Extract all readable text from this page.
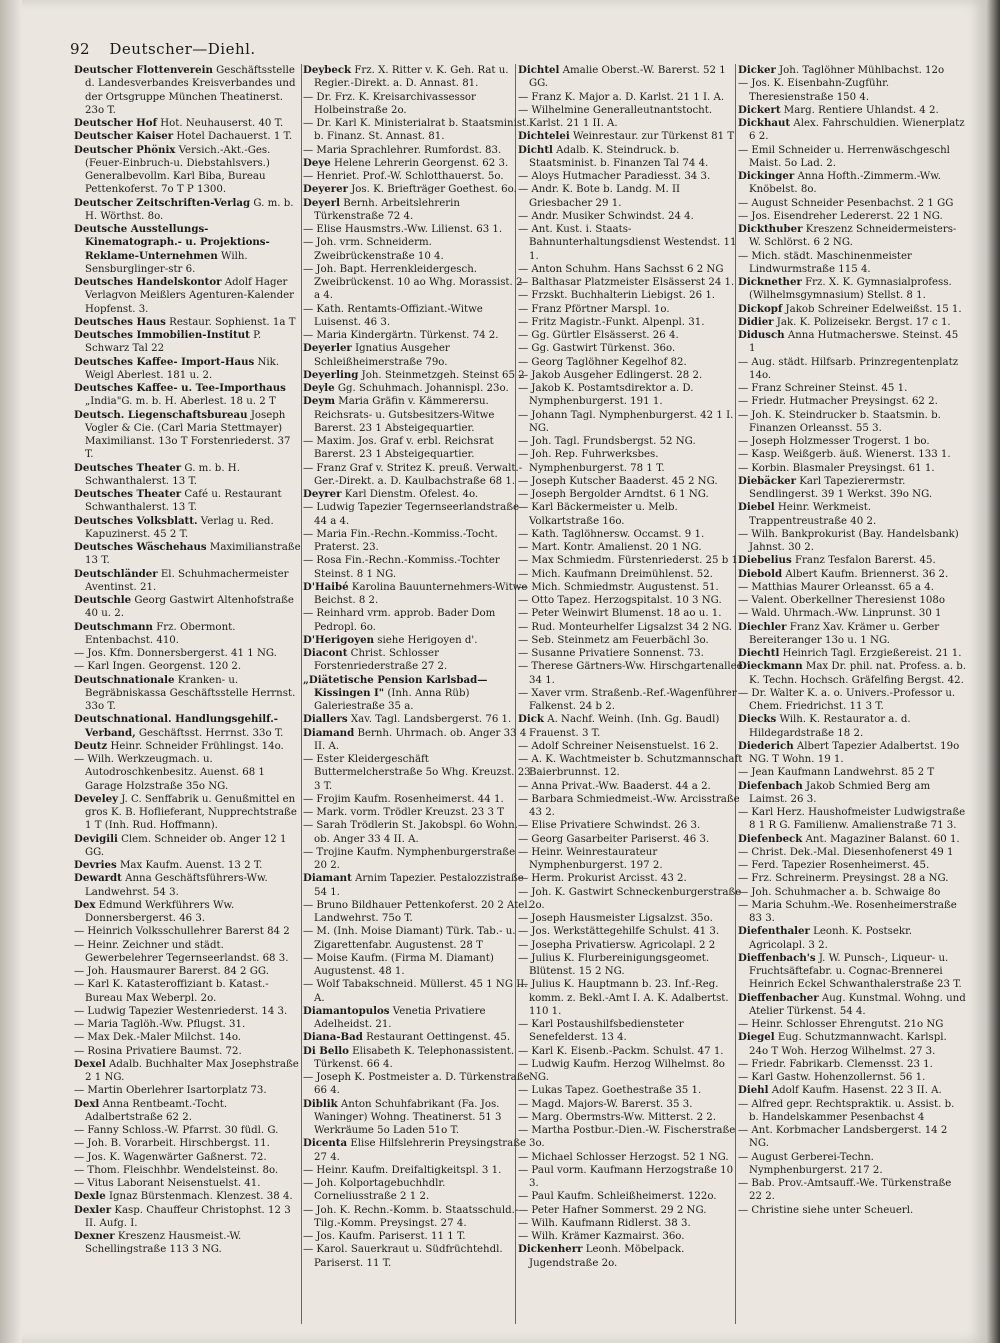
92 Deutscher—Diehl.

Deutscher Flottenverein Geschäftsstelle d. Landesverbandes Kreisverbandes und der Ortsgruppe München Theatinerst. 23o T.

Deutscher Hof Hot. Neuhauserst. 40 T.

Deutscher Kaiser Hotel Dachauerst. 1 T.

Deutscher Phönix Versich.-Akt.-Ges. (Feuer-Einbruch-u. Diebstahlsvers.) Generalbevollm. Karl Biba, Bureau Pettenkoferst. 7o T P 1300.

Deutscher Zeitschriften-Verlag G. m. b. H. Wörthst. 8o.

Deutsche Ausstellungs- Kinematograph.- u. Projektions-Reklame-Unternehmen Wilh. Sensburglinger-str 6.

Deutsches Handelskontor Adolf Hager Verlagvon Meißlers Agenturen-Kalender Hopfenst. 3.

Deutsches Haus Restaur. Sophienst. 1a T

Deutsches Immobilien-Institut P. Schwarz Tal 22

Deutsches Kaffee- Import-Haus Nik. Weigl Aberlest. 181 u. 2.

Deutsches Kaffee- u. Tee-Importhaus „India"G. m. b. H. Aberlest. 18 u. 2 T

Deutsch. Liegenschaftsbureau Joseph Vogler & Cie. (Carl Maria Stettmayer) Maximilianst. 13o T Forstenriederst. 37 T.

Deutsches Theater G. m. b. H. Schwanthalerst. 13 T.

Deutsches Theater Café u. Restaurant Schwanthalerst. 13 T.

Deutsches Volksblatt. Verlag u. Red. Kapuzinerst. 45 2 T.

Deutsches Wäschehaus Maximilianstraße 13 T.

Deutschländer El. Schuhmachermeister Aventinst. 21.

Deutschle Georg Gastwirt Altenhofstraße 40 u. 2.

Deutschmann Frz. Obermont. Entenbachst. 410.

— Jos. Kfm. Donnersbergerst. 41 1 NG.

— Karl Ingen. Georgenst. 120 2.

Deutschnationale Kranken- u. Begräbniskassa Geschäftsstelle Herrnst. 33o T.

Deutschnational. Handlungsgehilf.- Verband, Geschäftsst. Herrnst. 33o T.

Deutz Heinr. Schneider Frühlingst. 14o.

— Wilh. Werkzeugmach. u. Autodroschkenbesitz. Auenst. 68 1 Garage Holzstraße 35o NG.

Develey J. C. Senffabrik u. Genußmittel en gros K. B. Hoflieferant, Nupprechtstraße 1 T (Inh. Rud. Hoffmann).

Devigili Clem. Schneider ob. Anger 12 1 GG.

Devries Max Kaufm. Auenst. 13 2 T.

Dewardt Anna Geschäftsführers-Ww. Landwehrst. 54 3.

Dex Edmund Werkführers Ww. Donnersbergerst. 46 3.

— Heinrich Volksschullehrer Barerst 84 2

— Heinr. Zeichner und städt. Gewerbelehrer Tegernseerlandst. 68 3.

— Joh. Hausmaurer Barerst. 84 2 GG.

— Karl K. Katasteroffiziant b. Katast.-Bureau Max Weberpl. 2o.

— Ludwig Tapezier Westenriederst. 14 3.

— Maria Taglöh.-Ww. Pflugst. 31.

— Max Dek.-Maler Milchst. 14o.

— Rosina Privatiere Baumst. 72.

Dexel Adalb. Buchhalter Max Josephstraße 2 1 NG.

— Martin Oberlehrer Isartorplatz 73.

Dexl Anna Rentbeamt.-Tocht. Adalbertstraße 62 2.

— Fanny Schloss.-W. Pfarrst. 30 füdl. G.

— Joh. B. Vorarbeit. Hirschbergst. 11.

— Jos. K. Wagenwärter Gaßnerst. 72.

— Thom. Fleischhbr. Wendelsteinst. 8o.

— Vitus Laborant Neisenstuelst. 41.

Dexle Ignaz Bürstenmach. Klenzest. 38 4.

Dexler Kasp. Chauffeur Christophst. 12 3 II. Aufg. I.

Dexner Kreszenz Hausmeist.-W. Schellingstraße 113 3 NG.

Deybeck Frz. X. Ritter v. K. Geh. Rat u. Regier.-Direkt. a. D. Annast. 81.

— Dr. Frz. K. Kreisarchivassessor Holbeinstraße 2o.

— Dr. Karl K. Ministerialrat b. Staatsminist. b. Finanz. St. Annast. 81.

— Maria Sprachlehrer. Rumfordst. 83.

Deye Helene Lehrerin Georgenst. 62 3.

— Henriet. Prof.-W. Schlotthauerst. 5o.

Deyerer Jos. K. Briefträger Goethest. 6o.

Deyerl Bernh. Arbeitslehrerin Türkenstraße 72 4.

— Elise Hausmstrs.-Ww. Lilienst. 63 1.

— Joh. vrm. Schneiderm. Zweibrückenstraße 10 4.

— Joh. Bapt. Herrenkleidergesch. Zweibrückenst. 10 ao Whg. Morassist. 2 a 4.

— Kath. Rentamts-Offiziant.-Witwe Luisenst. 46 3.

— Maria Kindergärtn. Türkenst. 74 2.

Deyerler Ignatius Ausgeher Schleißheimerstraße 79o.

Deyerling Joh. Steinmetzgeh. Steinst 65 2

Deyle Gg. Schuhmach. Johannispl. 23o.

Deym Maria Gräfin v. Kämmerersu. Reichsrats- u. Gutsbesitzers-Witwe Barerst. 23 1 Absteigequartier.

— Maxim. Jos. Graf v. erbl. Reichsrat Barerst. 23 1 Absteigequartier.

— Franz Graf v. Stritez K. preuß. Verwalt.-Ger.-Direkt. a. D. Kaulbachstraße 68 1.

Deyrer Karl Dienstm. Ofelest. 4o.

— Ludwig Tapezier Tegernseerlandstraße 44 a 4.

— Maria Fin.-Rechn.-Kommiss.-Tocht. Praterst. 23.

— Rosa Fin.-Rechn.-Kommiss.-Tochter Steinst. 8 1 NG.

D'Haibé Karolina Bauunternehmers-Witwe Beichst. 8 2.

— Reinhard vrm. approb. Bader Dom Pedropl. 6o.

D'Herigoyen siehe Herigoyen d'.

Diacont Christ. Schlosser Forstenriederstraße 27 2.

„Diätetische Pension Karlsbad—Kissingen I" (Inh. Anna Rüb) Galeriestraße 35 a.

Diallers Xav. Tagl. Landsbergerst. 76 1.

Diamand Bernh. Uhrmach. ob. Anger 33 4 II. A.

— Ester Kleidergeschäft Buttermelcherstraße 5o Whg. Kreuzst. 23 3 T.

— Frojim Kaufm. Rosenheimerst. 44 1.

— Mark. vorm. Trödler Kreuzst. 23 3 T

— Sarah Trödlerin St. Jakobspl. 6o Wohn. ob. Anger 33 4 II. A.

— Trojine Kaufm. Nymphenburgerstraße 20 2.

Diamant Arnim Tapezier. Pestalozzistraße 54 1.

— Bruno Bildhauer Pettenkoferst. 20 2 Atel. Landwehrst. 75o T.

— M. (Inh. Moise Diamant) Türk. Tab.- u. Zigarettenfabr. Augustenst. 28 T

— Moise Kaufm. (Firma M. Diamant) Augustenst. 48 1.

— Wolf Tabakschneid. Müllerst. 45 1 NG II. A.

Diamantopulos Venetia Privatiere Adelheidst. 21.

Diana-Bad Restaurant Oettingenst. 45.

Di Bello Elisabeth K. Telephonassistent. Türkenst. 66 4.

— Joseph K. Postmeister a. D. Türkenstraße 66 4.

Diblik Anton Schuhfabrikant (Fa. Jos. Waninger) Wohng. Theatinerst. 51 3 Werkräume 5o Laden 51o T.

Dicenta Elise Hilfslehrerin Preysingstraße 27 4.

— Heinr. Kaufm. Dreifaltigkeitspl. 3 1.

— Joh. Kolportagebuchhdlr. Corneliusstraße 2 1 2.

— Joh. K. Rechn.-Komm. b. Staatsschuld.-Tilg.-Komm. Preysingst. 27 4.

— Jos. Kaufm. Pariserst. 11 1 T.

— Karol. Sauerkraut u. Südfrüchtehdl. Pariserst. 11 T.

Dichtel Amalie Oberst.-W. Barerst. 52 1 GG.

— Franz K. Major a. D. Karlst. 21 1 I. A.

— Wilhelmine Generalleutnantstocht. Karlst. 21 1 II. A.

Dichtelei Weinrestaur. zur Türkenst 81 T

Dichtl Adalb. K. Steindruck. b. Staatsminist. b. Finanzen Tal 74 4.

— Aloys Hutmacher Paradiesst. 34 3.

— Andr. K. Bote b. Landg. M. II Griesbacher 29 1.

— Andr. Musiker Schwindst. 24 4.

— Ant. Kust. i. Staats-Bahnunterhaltungsdienst Westendst. 11 1.

— Anton Schuhm. Hans Sachsst 6 2 NG

— Balthasar Platzmeister Elsässerst 24 1.

— Frzskt. Buchhalterin Liebigst. 26 1.

— Franz Pförtner Marspl. 1o.

— Fritz Magistr.-Funkt. Alpenpl. 31.

— Gg. Gürtler Elsässerst. 26 4.

— Gg. Gastwirt Türkenst. 36o.

— Georg Taglöhner Kegelhof 82.

— Jakob Ausgeher Edlingerst. 28 2.

— Jakob K. Postamtsdirektor a. D. Nymphenburgerst. 191 1.

— Johann Tagl. Nymphenburgerst. 42 1 I. NG.

— Joh. Tagl. Frundsbergst. 52 NG.

— Joh. Rep. Fuhrwerksbes. Nymphenburgerst. 78 1 T.

— Joseph Kutscher Baaderst. 45 2 NG.

— Joseph Bergolder Arndtst. 6 1 NG.

— Karl Bäckermeister u. Melb. Volkartstraße 16o.

— Kath. Taglöhnersw. Occamst. 9 1.

— Mart. Kontr. Amalienst. 20 1 NG.

— Max Schmiedm. Fürstenriederst. 25 b 1.

— Mich. Kaufmann Dreimühlenst. 52.

— Mich. Schmiedmstr. Augustenst. 51.

— Otto Tapez. Herzogspitalst. 10 3 NG.

— Peter Weinwirt Blumenst. 18 ao u. 1.

— Rud. Monteurhelfer Ligsalzst 34 2 NG.

— Seb. Steinmetz am Feuerbächl 3o.

— Susanne Privatiere Sonnenst. 73.

— Therese Gärtners-Ww. Hirschgartenallee 34 1.

— Xaver vrm. Straßenb.-Ref.-Wagenführer Falkenst. 24 b 2.

Dick A. Nachf. Weinh. (Inh. Gg. Baudl) Frauenst. 3 T.

— Adolf Schreiner Neisenstuelst. 16 2.

— A. K. Wachtmeister b. Schutzmannschaft Baierbrunnst. 12.

— Anna Privat.-Ww. Baaderst. 44 a 2.

— Barbara Schmiedmeist.-Ww. Arcisstraße 43 2.

— Elise Privatiere Schwindst. 26 3.

— Georg Gasarbeiter Pariserst. 46 3.

— Heinr. Weinrestaurateur Nymphenburgerst. 197 2.

— Herm. Prokurist Arcisst. 43 2.

— Joh. K. Gastwirt Schneckenburgerstraße 2o.

— Joseph Hausmeister Ligsalzst. 35o.

— Jos. Werkstättegehilfe Schulst. 41 3.

— Josepha Privatiersw. Agricolapl. 2 2

— Julius K. Flurbereinigungsgeomet. Blütenst. 15 2 NG.

— Julius K. Hauptmann b. 23. Inf.-Reg. komm. z. Bekl.-Amt I. A. K. Adalbertst. 110 1.

— Karl Postaushilfsbediensteter Senefelderst. 13 4.

— Karl K. Eisenb.-Packm. Schulst. 47 1.

— Ludwig Kaufm. Herzog Wilhelmst. 8o NG.

— Lukas Tapez. Goethestraße 35 1.

— Magd. Majors-W. Barerst. 35 3.

— Marg. Obermstrs-Ww. Mitterst. 2 2.

— Martha Postbur.-Dien.-W. Fischerstraße 3o.

— Michael Schlosser Herzogst. 52 1 NG.

— Paul vorm. Kaufmann Herzogstraße 10 3.

— Paul Kaufm. Schleißheimerst. 122o.

— Peter Hafner Sommerst. 29 2 NG.

— Wilh. Kaufmann Ridlerst. 38 3.

— Wilh. Krämer Kazmairst. 36o.

Dickenherr Leonh. Möbelpack. Jugendstraße 2o.

Dicker Joh. Taglöhner Mühlbachst. 12o

— Jos. K. Eisenbahn-Zugführ. Theresienstraße 150 4.

Dickert Marg. Rentiere Uhlandst. 4 2.

Dickhaut Alex. Fahrschuldien. Wienerplatz 6 2.

— Emil Schneider u. Herrenwäschgeschl Maist. 5o Lad. 2.

Dickinger Anna Hofth.-Zimmerm.-Ww. Knöbelst. 8o.

— August Schneider Pesenbachst. 2 1 GG

— Jos. Eisendreher Ledererst. 22 1 NG.

Dickthuber Kreszenz Schneidermeisters-W. Schlörst. 6 2 NG.

— Mich. städt. Maschinenmeister Lindwurmstraße 115 4.

Dicknether Frz. X. K. Gymnasialprofess. (Wilhelmsgymnasium) Stellst. 8 1.

Dickopf Jakob Schreiner Edelweißst. 15 1.

Didier Jak. K. Polizeisekr. Bergst. 17 c 1.

Didusch Anna Hutmacherswe. Steinst. 45 1

— Aug. städt. Hilfsarb. Prinzregentenplatz 14o.

— Franz Schreiner Steinst. 45 1.

— Friedr. Hutmacher Preysingst. 62 2.

— Joh. K. Steindrucker b. Staatsmin. b. Finanzen Orleansst. 55 3.

— Joseph Holzmesser Trogerst. 1 bo.

— Kasp. Weißgerb. äuß. Wienerst. 133 1.

— Korbin. Blasmaler Preysingst. 61 1.

Diebäcker Karl Tapezierermstr. Sendlingerst. 39 1 Werkst. 39o NG.

Diebel Heinr. Werkmeist. Trappentreustraße 40 2.

— Wilh. Bankprokurist (Bay. Handelsbank) Jahnst. 30 2.

Diebelius Franz Tesfalon Barerst. 45.

Diebold Albert Kaufm. Briennerst. 36 2.

— Matthias Maurer Orleansst. 65 a 4.

— Valent. Oberkellner Theresienst 108o

— Wald. Uhrmach.-Ww. Linprunst. 30 1

Diechler Franz Xav. Krämer u. Gerber Bereiteranger 13o u. 1 NG.

Diechtl Heinrich Tagl. Erzgießereist. 21 1.

Dieckmann Max Dr. phil. nat. Profess. a. b. K. Techn. Hochsch. Gräfelfing Bergst. 42.

— Dr. Walter K. a. o. Univers.-Professor u. Chem. Friedrichst. 11 3 T.

Diecks Wilh. K. Restaurator a. d. Hildegardstraße 18 2.

Diederich Albert Tapezier Adalbertst. 19o NG. T Wohn. 19 1.

— Jean Kaufmann Landwehrst. 85 2 T

Diefenbach Jakob Schmied Berg am Laimst. 26 3.

— Karl Herz. Haushofmeister Ludwigstraße 8 1 R G. Familienw. Amalienstraße 71 3.

Diefenbeck Ant. Magaziner Balanst. 60 1.

— Christ. Dek.-Mal. Diesenhofenerst 49 1

— Ferd. Tapezier Rosenheimerst. 45.

— Frz. Schreinerm. Preysingst. 28 a NG.

— Joh. Schuhmacher a. b. Schwaige 8o

— Maria Schuhm.-We. Rosenheimerstraße 83 3.

Diefenthaler Leonh. K. Postsekr. Agricolapl. 3 2.

Dieffenbach's J. W. Punsch-, Liqueur- u. Fruchtsäftefabr. u. Cognac-Brennerei Heinrich Eckel Schwanthalerstraße 23 T.

Dieffenbacher Aug. Kunstmal. Wohng. und Atelier Türkenst. 54 4.

— Heinr. Schlosser Ehrengutst. 21o NG

Diegel Eug. Schutzmannwacht. Karlspl. 24o T Woh. Herzog Wilhelmst. 27 3.

— Friedr. Fabrikarb. Clemensst. 23 1.

— Karl Gastw. Hohenzollernst. 56 1.

Diehl Adolf Kaufm. Hasenst. 22 3 II. A.

— Alfred gepr. Rechtspraktik. u. Assist. b. b. Handelskammer Pesenbachst 4

— Ant. Korbmacher Landsbergerst. 14 2 NG.

— August Gerberei-Techn. Nymphenburgerst. 217 2.

— Bab. Prov.-Amtsauff.-We. Türkenstraße 22 2.

— Christine siehe unter Scheuerl.
